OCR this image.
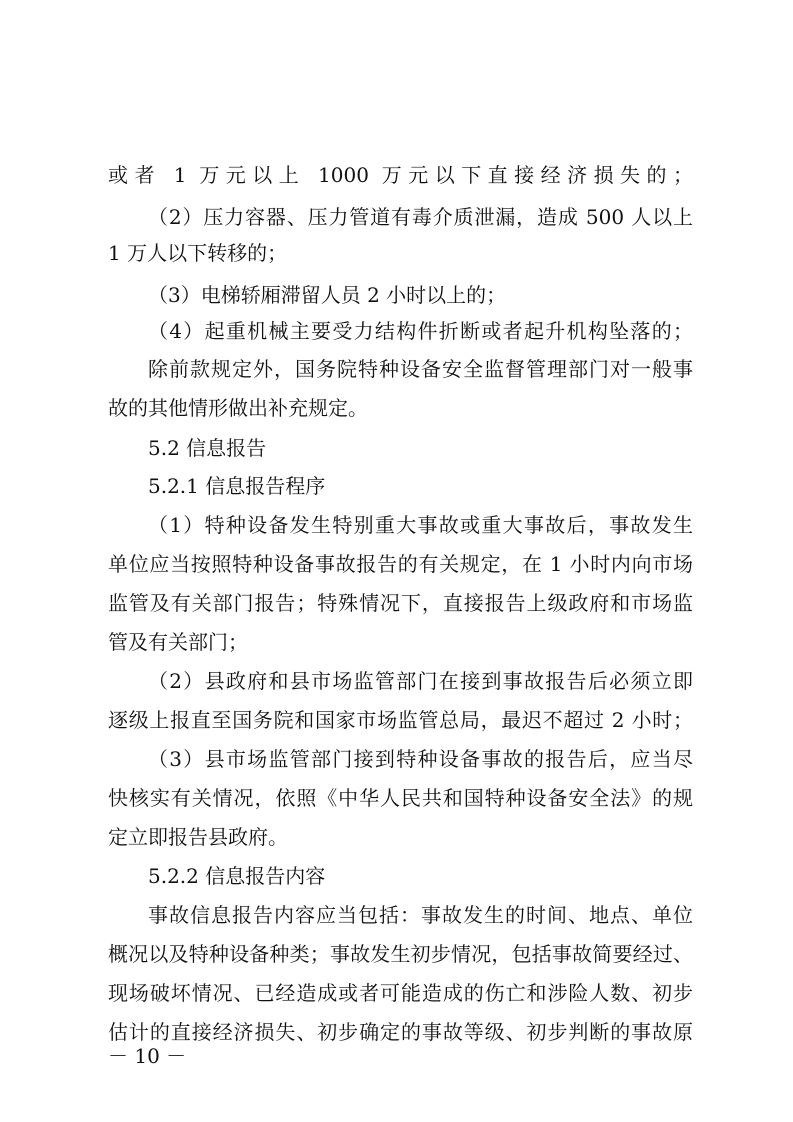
或者 1 万元以上 1000 万元以下直接经济损失的；
（2）压力容器、压力管道有毒介质泄漏，造成 500 人以上
1 万人以下转移的；
（3）电梯轿厢滞留人员 2 小时以上的；
（4）起重机械主要受力结构件折断或者起升机构坠落的；
除前款规定外，国务院特种设备安全监督管理部门对一般事
故的其他情形做出补充规定。
5.2 信息报告
5.2.1 信息报告程序
（1）特种设备发生特别重大事故或重大事故后，事故发生
单位应当按照特种设备事故报告的有关规定，在 1 小时内向市场
监管及有关部门报告；特殊情况下，直接报告上级政府和市场监
管及有关部门；
（2）县政府和县市场监管部门在接到事故报告后必须立即
逐级上报直至国务院和国家市场监管总局，最迟不超过 2 小时；
（3）县市场监管部门接到特种设备事故的报告后，应当尽
快核实有关情况，依照《中华人民共和国特种设备安全法》的规
定立即报告县政府。
5.2.2 信息报告内容
事故信息报告内容应当包括：事故发生的时间、地点、单位
概况以及特种设备种类；事故发生初步情况，包括事故简要经过、
现场破坏情况、已经造成或者可能造成的伤亡和涉险人数、初步
估计的直接经济损失、初步确定的事故等级、初步判断的事故原
－ 10 －
